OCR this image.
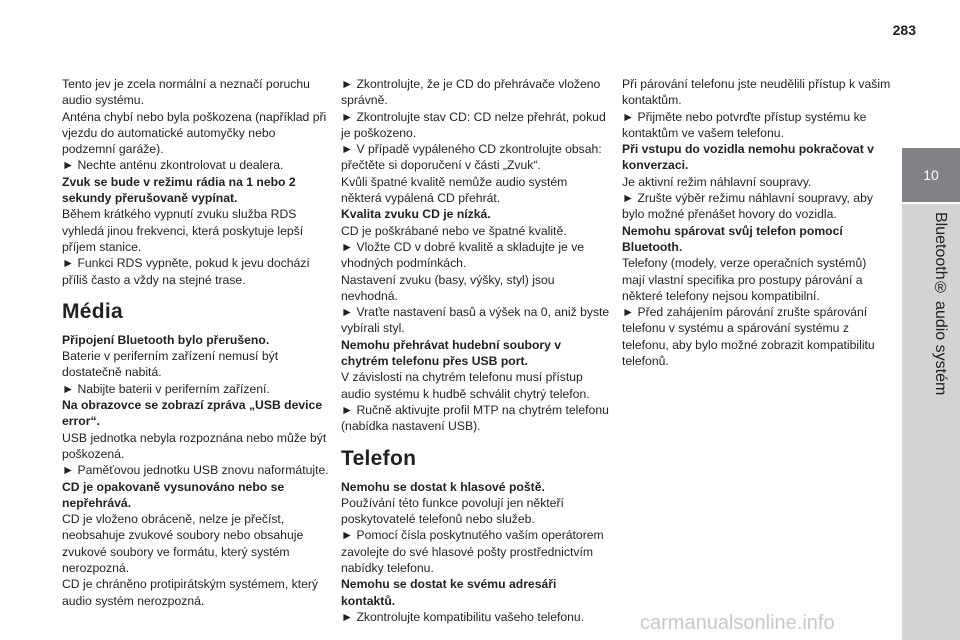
283
10
Bluetooth® audio systém

Tento jev je zcela normální a neznačí poruchu audio systému.

Anténa chybí nebo byla poškozena (například při vjezdu do automatické automyčky nebo podzemní garáže).

► Nechte anténu zkontrolovat u dealera.

Zvuk se bude v režimu rádia na 1 nebo 2 sekundy přerušovaně vypínat.

Během krátkého vypnutí zvuku služba RDS vyhledá jinou frekvenci, která poskytuje lepší příjem stanice.

► Funkci RDS vypněte, pokud k jevu dochází příliš často a vždy na stejné trase.

Média

Připojení Bluetooth bylo přerušeno.

Baterie v periferním zařízení nemusí být dostatečně nabitá.

► Nabijte baterii v periferním zařízení.

Na obrazovce se zobrazí zpráva „USB device error“.

USB jednotka nebyla rozpoznána nebo může být poškozená.

► Paměťovou jednotku USB znovu naformátujte.

CD je opakovaně vysunováno nebo se nepřehrává.

CD je vloženo obráceně, nelze je přečíst, neobsahuje zvukové soubory nebo obsahuje zvukové soubory ve formátu, který systém nerozpozná.

CD je chráněno protipirátským systémem, který audio systém nerozpozná.

► Zkontrolujte, že je CD do přehrávače vloženo správně.

► Zkontrolujte stav CD: CD nelze přehrát, pokud je poškozeno.

► V případě vypáleného CD zkontrolujte obsah: přečtěte si doporučení v části „Zvuk“.

Kvůli špatné kvalitě nemůže audio systém některá vypálená CD přehrát.

Kvalita zvuku CD je nízká.

CD je poškrábané nebo ve špatné kvalitě.

► Vložte CD v dobré kvalitě a skladujte je ve vhodných podmínkách.

Nastavení zvuku (basy, výšky, styl) jsou nevhodná.

► Vraťte nastavení basů a výšek na 0, aniž byste vybírali styl.

Nemohu přehrávat hudební soubory v chytrém telefonu přes USB port.

V závislosti na chytrém telefonu musí přístup audio systému k hudbě schválit chytrý telefon.

► Ručně aktivujte profil MTP na chytrém telefonu (nabídka nastavení USB).

Telefon

Nemohu se dostat k hlasové poště.

Používání této funkce povolují jen někteří poskytovatelé telefonů nebo služeb.

► Pomocí čísla poskytnutého vaším operátorem zavolejte do své hlasové pošty prostřednictvím nabídky telefonu.

Nemohu se dostat ke svému adresáři kontaktů.

► Zkontrolujte kompatibilitu vašeho telefonu.

Při párování telefonu jste neudělili přístup k vašim kontaktům.

► Přijměte nebo potvrďte přístup systému ke kontaktům ve vašem telefonu.

Při vstupu do vozidla nemohu pokračovat v konverzaci.

Je aktivní režim náhlavní soupravy.

► Zrušte výběr režimu náhlavní soupravy, aby bylo možné přenášet hovory do vozidla.

Nemohu spárovat svůj telefon pomocí Bluetooth.

Telefony (modely, verze operačních systémů) mají vlastní specifika pro postupy párování a některé telefony nejsou kompatibilní.

► Před zahájením párování zrušte spárování telefonu v systému a spárování systému z telefonu, aby bylo možné zobrazit kompatibilitu telefonů.

carmanualsonline.info
